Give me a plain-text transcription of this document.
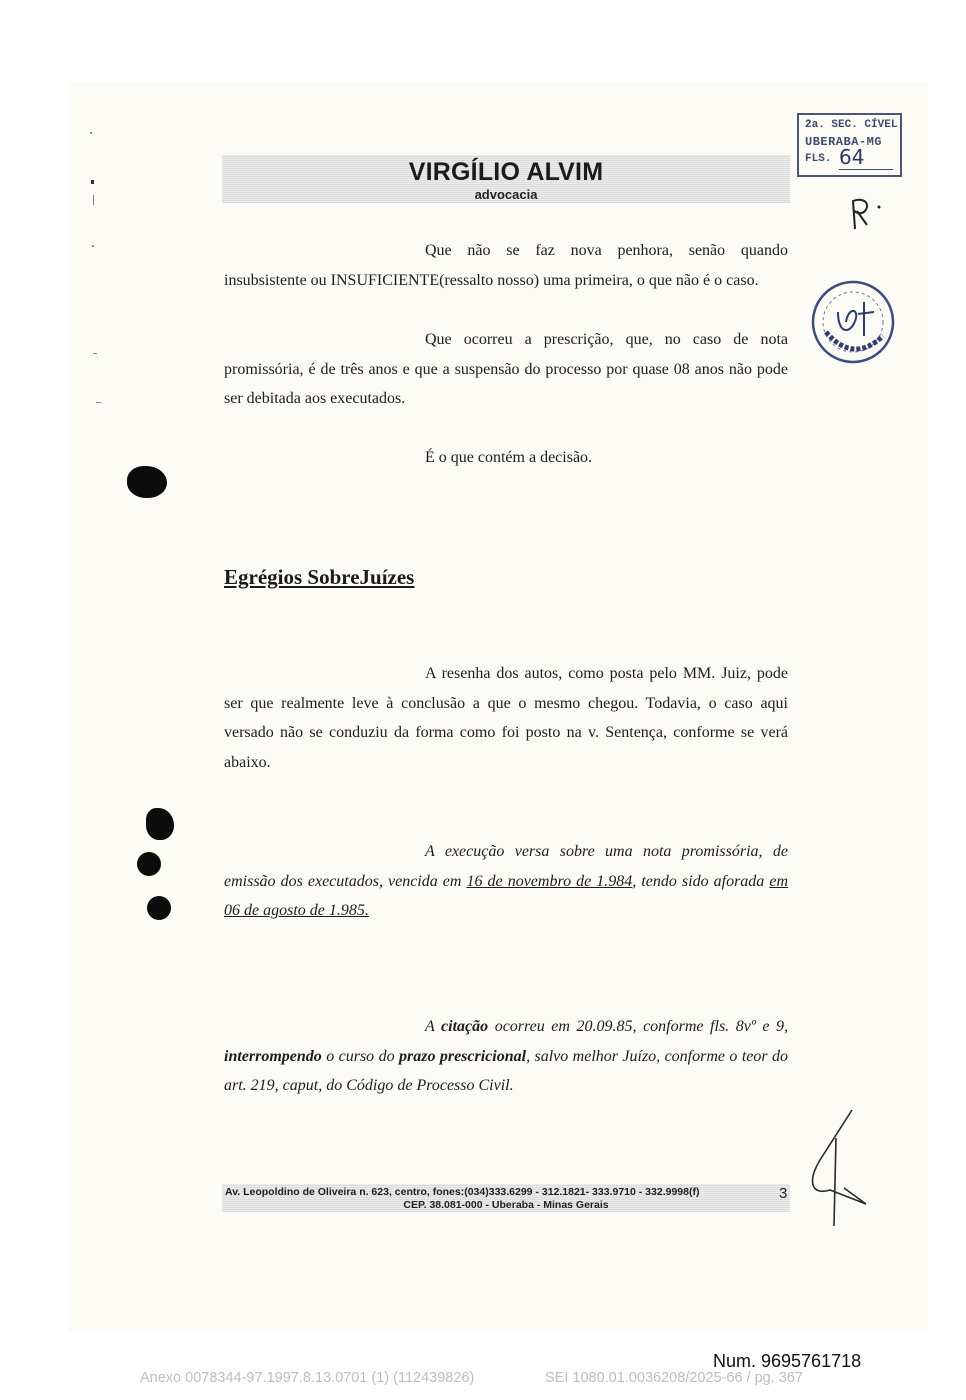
VIRGÍLIO ALVIM
advocacia
2a. SEC. CÍVEL
UBERABA-MG
FLS. 64

Que não se faz nova penhora, senão quando insubsistente ou INSUFICIENTE(ressalto nosso) uma primeira, o que não é o caso.

Que ocorreu a prescrição, que, no caso de nota promissória, é de três anos e que a suspensão do processo por quase 08 anos não pode ser debitada aos executados.

É o que contém a decisão.

Egrégios SobreJuízes

A resenha dos autos, como posta pelo MM. Juiz, pode ser que realmente leve à conclusão a que o mesmo chegou. Todavia, o caso aqui versado não se conduziu da forma como foi posto na v. Sentença, conforme se verá abaixo.

A execução versa sobre uma nota promissória, de emissão dos executados, vencida em 16 de novembro de 1.984, tendo sido aforada em 06 de agosto de 1.985.

A citação ocorreu em 20.09.85, conforme fls. 8vº e 9, interrompendo o curso do prazo prescricional, salvo melhor Juízo, conforme o teor do art. 219, caput, do Código de Processo Civil.

Av. Leopoldino de Oliveira n. 623, centro, fones:(034)333.6299 - 312.1821- 333.9710 - 332.9998(f)
CEP. 38.081-000 - Uberaba - Minas Gerais
3
Num. 9695761718
Anexo 0078344-97.1997.8.13.0701 (1) (112439826)	SEI 1080.01.0036208/2025-66 / pg. 367
